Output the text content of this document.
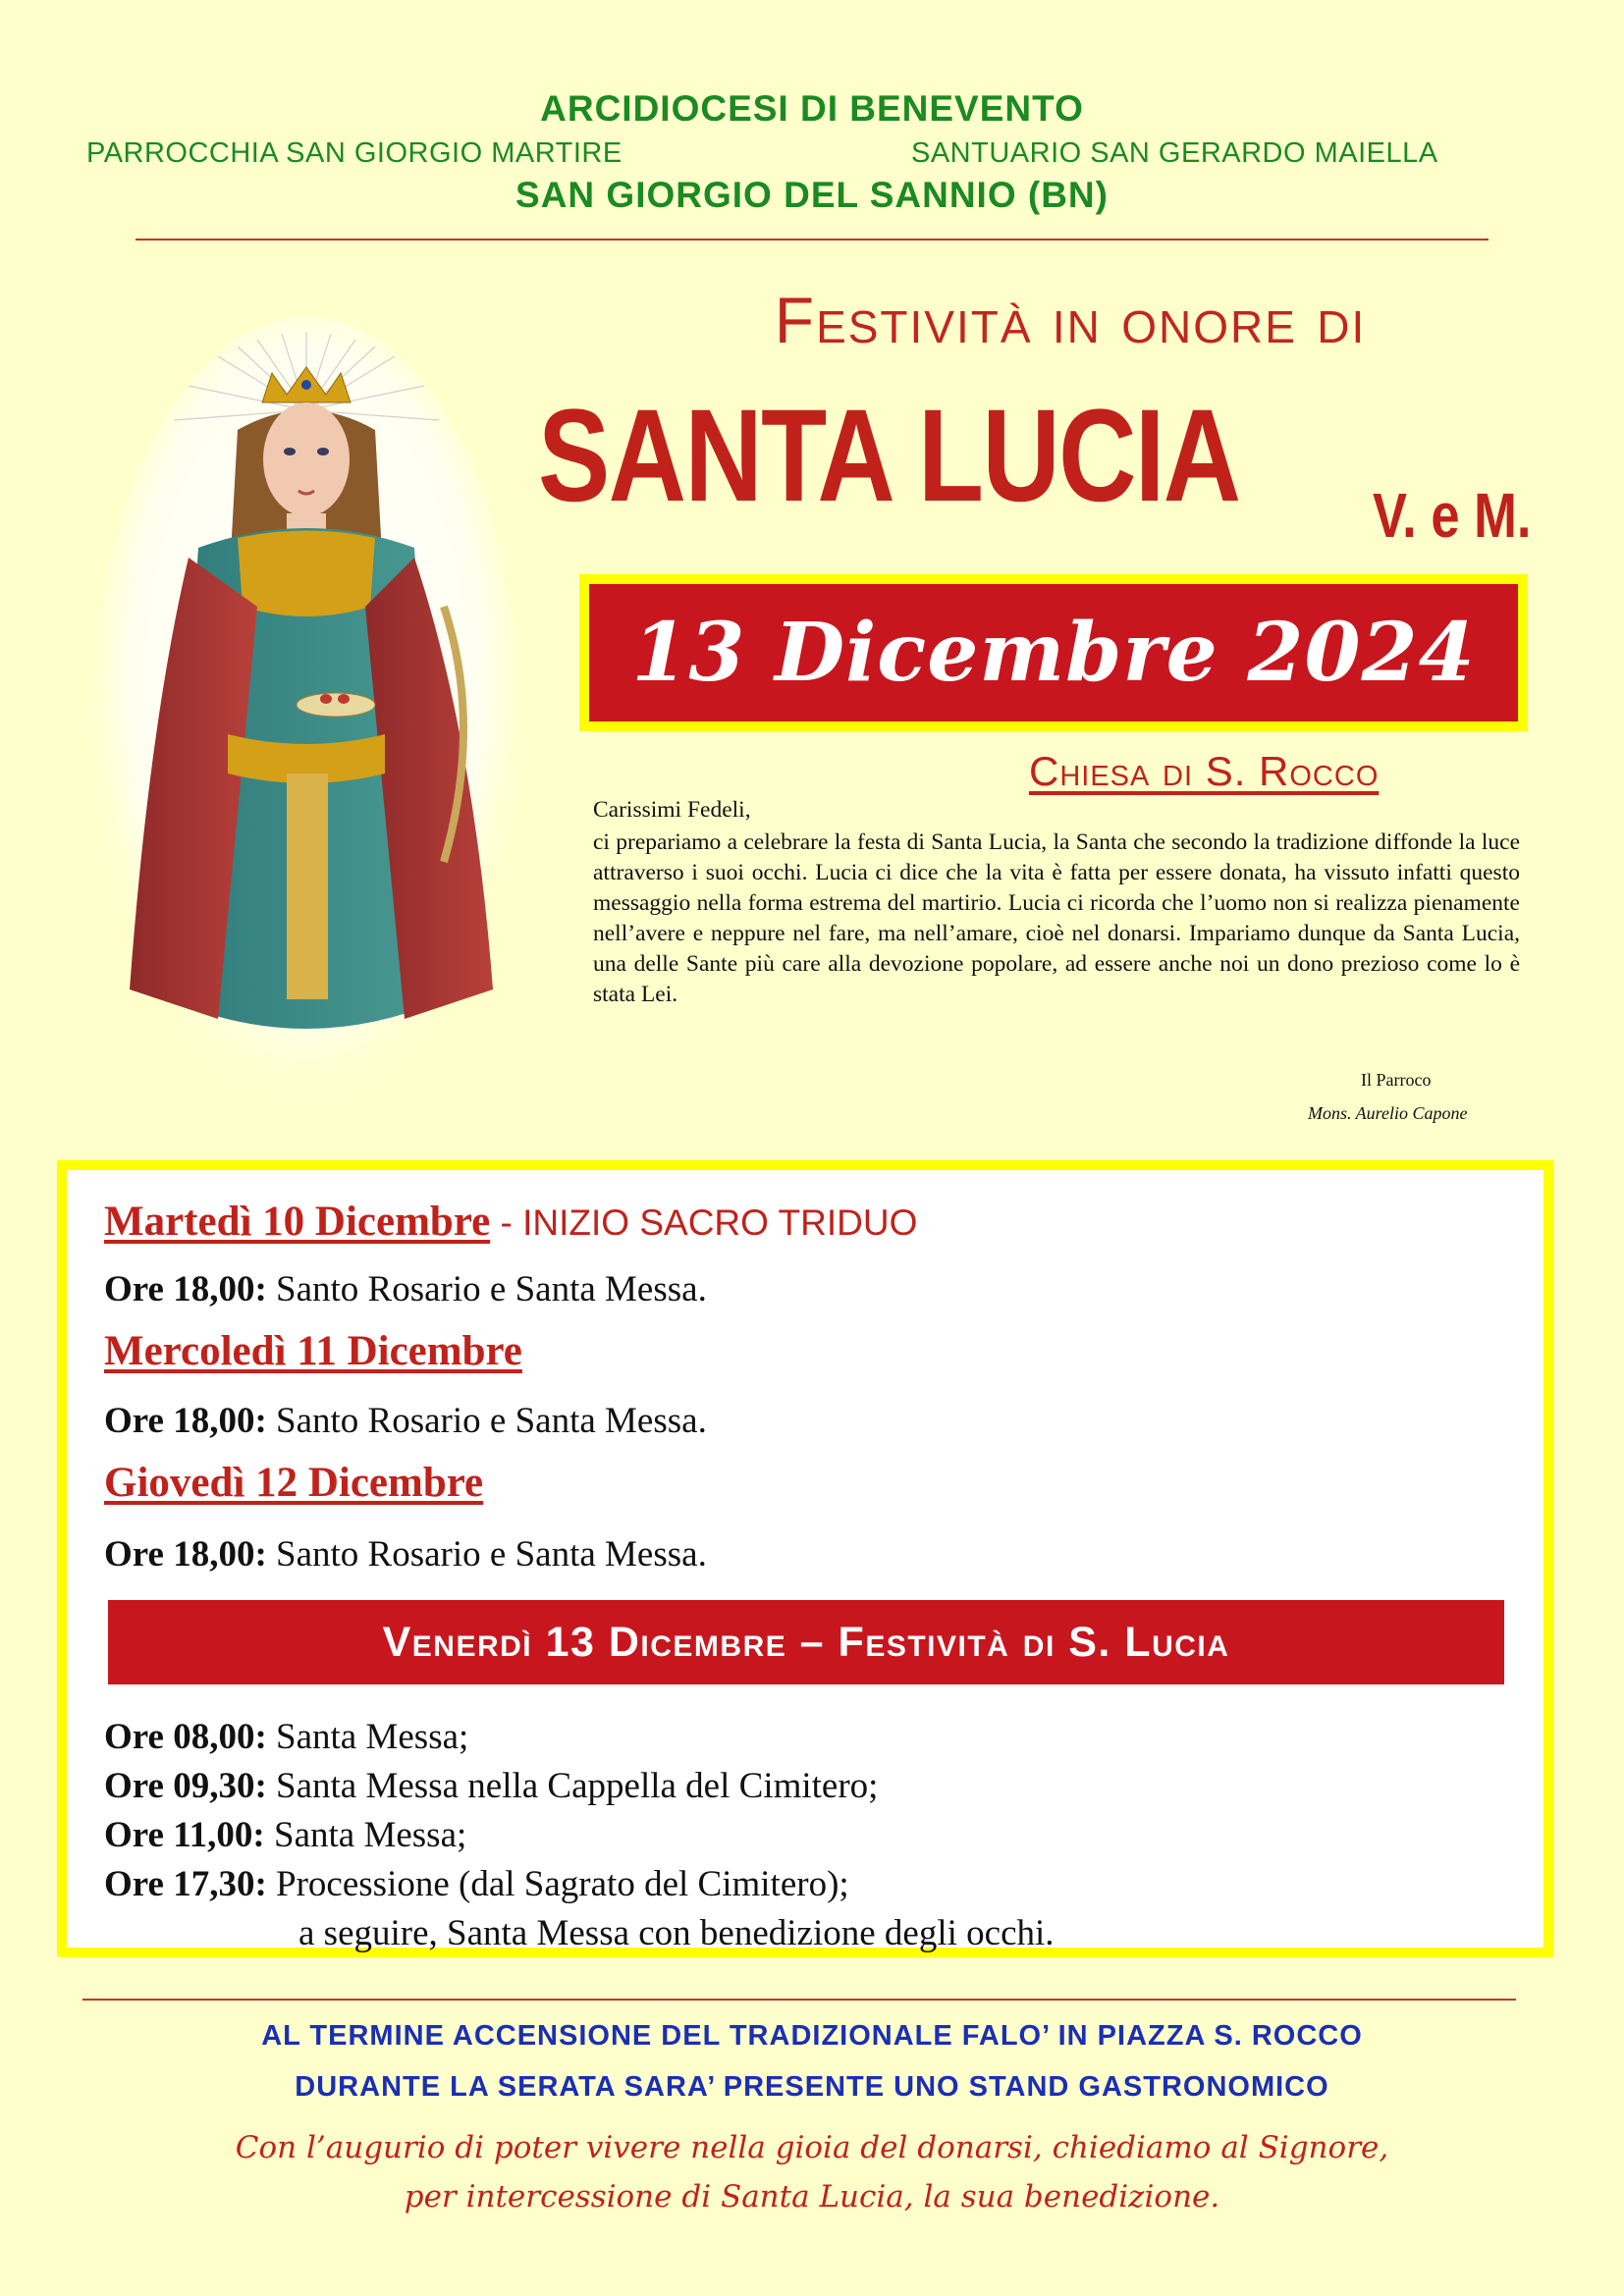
ARCIDIOCESI DI BENEVENTO
PARROCCHIA SAN GIORGIO MARTIRE	SANTUARIO SAN GERARDO MAIELLA
SAN GIORGIO DEL SANNIO (BN)
Festività in onore di
SANTA LUCIA V. e M.
13 Dicembre 2024
Chiesa di S. Rocco

Carissimi Fedeli,

ci prepariamo a celebrare la festa di Santa Lucia, la Santa che secondo la tradizione diffonde la luce attraverso i suoi occhi. Lucia ci dice che la vita è fatta per essere donata, ha vissuto infatti questo messaggio nella forma estrema del martirio. Lucia ci ricorda che l’uomo non si realizza pienamente nell’avere e neppure nel fare, ma nell’amare, cioè nel donarsi. Impariamo dunque da Santa Lucia, una delle Sante più care alla devozione popolare, ad essere anche noi un dono prezioso come lo è stata Lei.

Il Parroco
Mons. Aurelio Capone
Martedì 10 Dicembre - INIZIO SACRO TRIDUO
Ore 18,00: Santo Rosario e Santa Messa.
Mercoledì 11 Dicembre
Ore 18,00: Santo Rosario e Santa Messa.
Giovedì 12 Dicembre
Ore 18,00: Santo Rosario e Santa Messa.
Venerdì 13 Dicembre – Festività di S. Lucia
Ore 08,00: Santa Messa;
Ore 09,30: Santa Messa nella Cappella del Cimitero;
Ore 11,00: Santa Messa;
Ore 17,30: Processione (dal Sagrato del Cimitero);
a seguire, Santa Messa con benedizione degli occhi.
AL TERMINE ACCENSIONE DEL TRADIZIONALE FALO’ IN PIAZZA S. ROCCO
DURANTE LA SERATA SARA’ PRESENTE UNO STAND GASTRONOMICO
Con l’augurio di poter vivere nella gioia del donarsi, chiediamo al Signore,
per intercessione di Santa Lucia, la sua benedizione.
